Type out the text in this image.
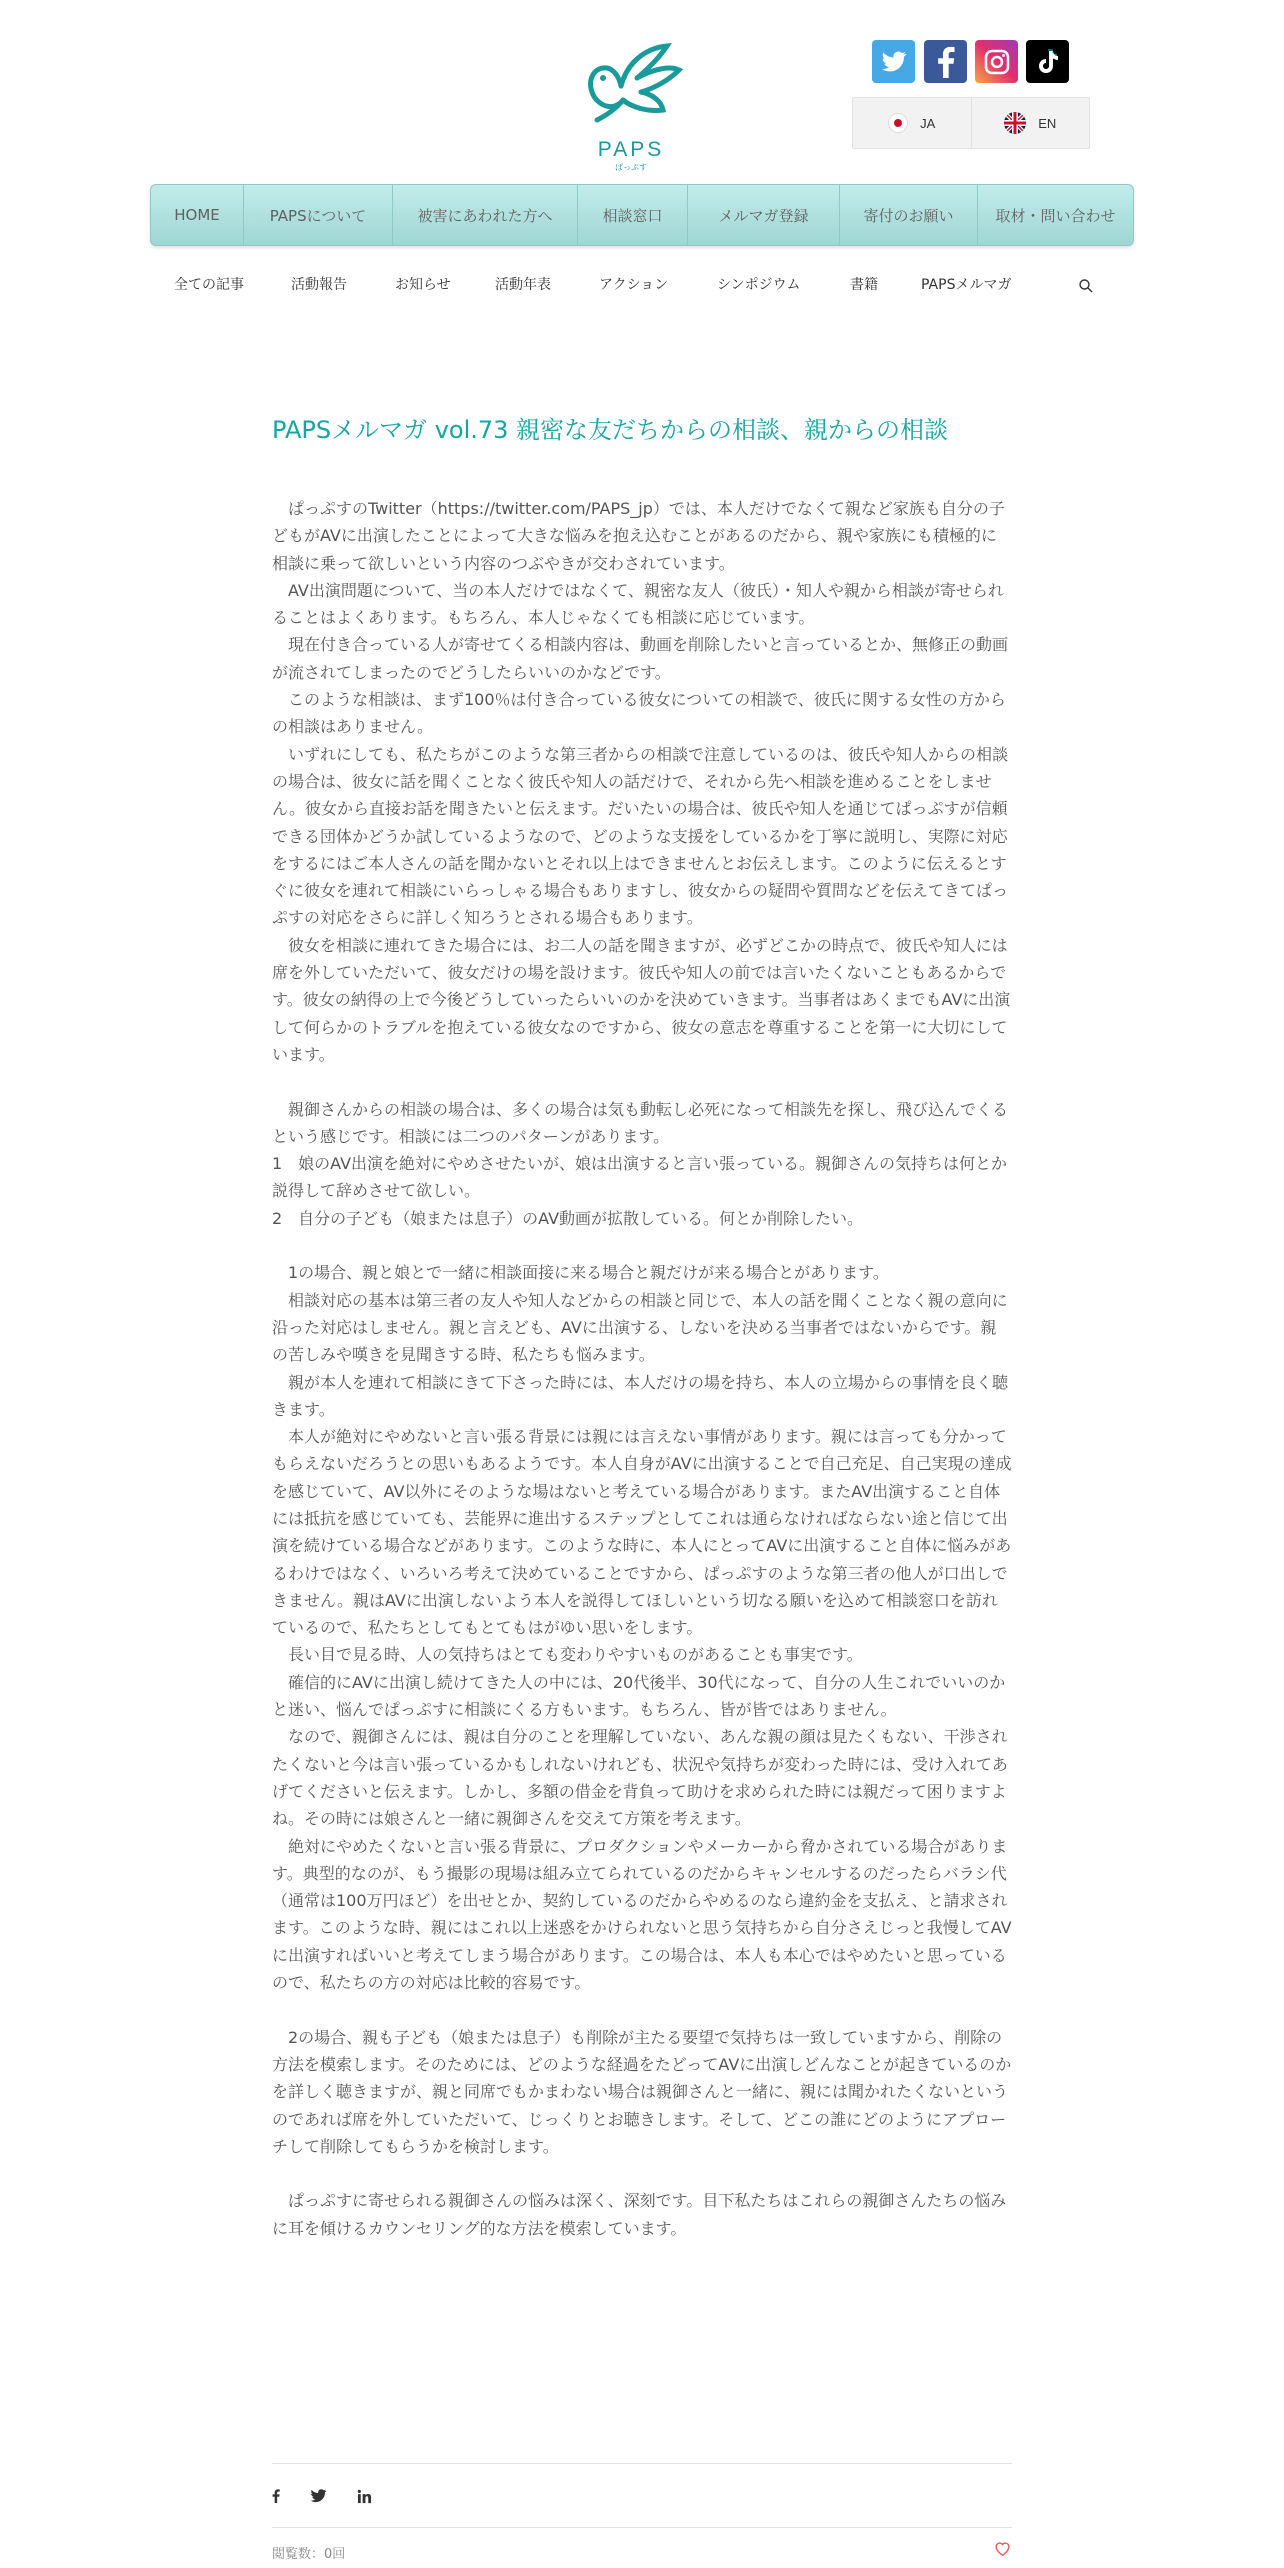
PAPS
ぱっぷす
JA	EN
HOME	PAPSについて	被害にあわれた方へ	相談窓口	メルマガ登録	寄付のお願い	取材・問い合わせ
全ての記事	活動報告	お知らせ	活動年表	アクション	シンポジウム	書籍	PAPSメルマガ
PAPSメルマガ vol.73 親密な友だちからの相談、親からの相談

　ぱっぷすのTwitter（https://twitter.com/PAPS_jp）では、本人だけでなくて親など家族も自分の子どもがAVに出演したことによって大きな悩みを抱え込むことがあるのだから、親や家族にも積極的に相談に乗って欲しいという内容のつぶやきが交わされています。

　AV出演問題について、当の本人だけではなくて、親密な友人（彼氏）・知人や親から相談が寄せられることはよくあります。もちろん、本人じゃなくても相談に応じています。

　現在付き合っている人が寄せてくる相談内容は、動画を削除したいと言っているとか、無修正の動画が流されてしまったのでどうしたらいいのかなどです。

　このような相談は、まず100％は付き合っている彼女についての相談で、彼氏に関する女性の方からの相談はありません。

　いずれにしても、私たちがこのような第三者からの相談で注意しているのは、彼氏や知人からの相談の場合は、彼女に話を聞くことなく彼氏や知人の話だけで、それから先へ相談を進めることをしません。彼女から直接お話を聞きたいと伝えます。だいたいの場合は、彼氏や知人を通じてぱっぷすが信頼できる団体かどうか試しているようなので、どのような支援をしているかを丁寧に説明し、実際に対応をするにはご本人さんの話を聞かないとそれ以上はできませんとお伝えします。このように伝えるとすぐに彼女を連れて相談にいらっしゃる場合もありますし、彼女からの疑問や質問などを伝えてきてぱっぷすの対応をさらに詳しく知ろうとされる場合もあります。

　彼女を相談に連れてきた場合には、お二人の話を聞きますが、必ずどこかの時点で、彼氏や知人には席を外していただいて、彼女だけの場を設けます。彼氏や知人の前では言いたくないこともあるからです。彼女の納得の上で今後どうしていったらいいのかを決めていきます。当事者はあくまでもAVに出演して何らかのトラブルを抱えている彼女なのですから、彼女の意志を尊重することを第一に大切にしています。

　親御さんからの相談の場合は、多くの場合は気も動転し必死になって相談先を探し、飛び込んでくるという感じです。相談には二つのパターンがあります。

1　娘のAV出演を絶対にやめさせたいが、娘は出演すると言い張っている。親御さんの気持ちは何とか説得して辞めさせて欲しい。

2　自分の子ども（娘または息子）のAV動画が拡散している。何とか削除したい。

　1の場合、親と娘とで一緒に相談面接に来る場合と親だけが来る場合とがあります。

　相談対応の基本は第三者の友人や知人などからの相談と同じで、本人の話を聞くことなく親の意向に沿った対応はしません。親と言えども、AVに出演する、しないを決める当事者ではないからです。親の苦しみや嘆きを見聞きする時、私たちも悩みます。

　親が本人を連れて相談にきて下さった時には、本人だけの場を持ち、本人の立場からの事情を良く聴きます。

　本人が絶対にやめないと言い張る背景には親には言えない事情があります。親には言っても分かってもらえないだろうとの思いもあるようです。本人自身がAVに出演することで自己充足、自己実現の達成を感じていて、AV以外にそのような場はないと考えている場合があります。またAV出演すること自体には抵抗を感じていても、芸能界に進出するステップとしてこれは通らなければならない途と信じて出演を続けている場合などがあります。このような時に、本人にとってAVに出演すること自体に悩みがあるわけではなく、いろいろ考えて決めていることですから、ぱっぷすのような第三者の他人が口出しできません。親はAVに出演しないよう本人を説得してほしいという切なる願いを込めて相談窓口を訪れているので、私たちとしてもとてもはがゆい思いをします。

　長い目で見る時、人の気持ちはとても変わりやすいものがあることも事実です。

　確信的にAVに出演し続けてきた人の中には、20代後半、30代になって、自分の人生これでいいのかと迷い、悩んでぱっぷすに相談にくる方もいます。もちろん、皆が皆ではありません。

　なので、親御さんには、親は自分のことを理解していない、あんな親の顔は見たくもない、干渉されたくないと今は言い張っているかもしれないけれども、状況や気持ちが変わった時には、受け入れてあげてくださいと伝えます。しかし、多額の借金を背負って助けを求められた時には親だって困りますよね。その時には娘さんと一緒に親御さんを交えて方策を考えます。

　絶対にやめたくないと言い張る背景に、プロダクションやメーカーから脅かされている場合があります。典型的なのが、もう撮影の現場は組み立てられているのだからキャンセルするのだったらバラシ代（通常は100万円ほど）を出せとか、契約しているのだからやめるのなら違約金を支払え、と請求されます。このような時、親にはこれ以上迷惑をかけられないと思う気持ちから自分さえじっと我慢してAVに出演すればいいと考えてしまう場合があります。この場合は、本人も本心ではやめたいと思っているので、私たちの方の対応は比較的容易です。

　2の場合、親も子ども（娘または息子）も削除が主たる要望で気持ちは一致していますから、削除の方法を模索します。そのためには、どのような経過をたどってAVに出演しどんなことが起きているのかを詳しく聴きますが、親と同席でもかまわない場合は親御さんと一緒に、親には聞かれたくないというのであれば席を外していただいて、じっくりとお聴きします。そして、どこの誰にどのようにアプローチして削除してもらうかを検討します。

　ぱっぷすに寄せられる親御さんの悩みは深く、深刻です。目下私たちはこれらの親御さんたちの悩みに耳を傾けるカウンセリング的な方法を模索しています。

閲覧数：0回
